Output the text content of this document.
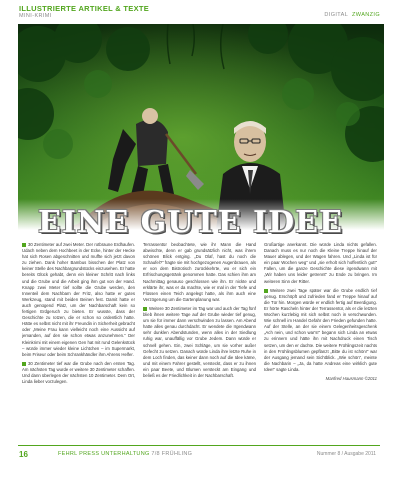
ILLUSTRIERTE ARTIKEL & TEXTE
MINI-KRIMI	DIGITAL ZWANZIG
EINE GUTE IDEE

30 Zentimeter auf zwei Meter. Der rotbraune Erdhaufen. Udach neben dem Hochbeet in der Ecke, hinter der Hecke hat sich Rosen abgeschnitten und muffte sich jetzt davon zu ziehen. Dank hoher Bambus bisschen der Platz von keiner Stelle des Nachbargrundstücks einzusehen. Er hatte bereits Glück gehabt, denn ein kleiner Schritt nach links und die Grube und die Arbeit ging ihm gut von der Hand. Knapp zwei Meter tief sollte die Grube werden, den Innenteil dem Nachbarn der Fritz, also hatte er gutes Werkzeug, stand mit beiden Beinen fest. Damit hatte er auch genügend Platz, um der Nachbarschaft kein so fertigen Erdgeruch zu bieten. Er wusste, dass der Geschichte zu rotzen, die er schon so ordentlich hatte. Hätte es selbst nicht mit ihr Freundin in Sicherheit gebracht oder „Meine Frau kann vielleicht noch eine Aussicht auf jemanden, auf den sie schon etwas anzunehmen.“ Der Kleinkrimi mit einem eigenen Gen hat mit rund Gelenkstück – würde immer wieder kleine Lichtchen – im Supermarkt, beim Friseur oder beim Schrankhändler ihm Ahrens Helfer.

30 Zentimeter tief war die Grube nach den ersten Tag. Am nächsten Tag wurde er weitere 30 Zentimeter schaffen. Und dann überlegen der nächsten 10 Zentimeter. Dem Ort, Linda lieber vorzulegen.

Terrassentür beobachtete, wie ihr Mann die Hand abwischte, denn er gab grundsätzlich nicht, was ihrem schönen Blick entging. „Du Olaf, hast du noch die Schaufel?“ fragte sie mit hochgezogenen Augenbrauen, als er von dem Bistrotisch zurückkehrte, wo er sich ein Erfrischungsgetränk genommen hatte. Das schien ihm am Nachmittag genauso geschlossen wie ihn. Er nickte und erklärte ihr, was er da machte, wie er mal in der Tiefe und Flüssen einen Teich angelegt hatte, als ihm auch eine Verzögerung um die Gartenplanung war.

Weitere 30 Zentimeter im Tag war und auch der Tag fünf blieb ihnen weitere Tage auf der Grube wieder tief genug, um sie für immer dann verschwinden zu lassen. Am Abend hatte alles genau durchdacht. Er wendete die Irgendwann sehr dunklen Abendstunden, wenn alles in der Siedlung ruhig war, unauffällig vor Grube Jedem. Dann würde er schnell gehen. Ein, zwei Schläge, um sie vorher außer Gefecht zu setzen. Danach würde Linda ihre letzte Ruhe in dem Loch finden, das keiner dann noch auf die Idee käme, und mit einem Fahrer gestellt, versteckt, dass er zu ihnen ein paar Beete, und Blumen versteckt am Eingang und beließ es der Friedlichkeit in der Nachbarschaft.

Großartige anerkannt. Die würde Linda nichts gefallen. Danach muss es nur noch die Kleine Treppe hinauf der Mauer ablegen, und der Wagen fahren. Und „Linda ist für ein paar Wochen weg“ und „sie erholt sich hoffentlich gut!“ Fallen, um die ganze Geschichte diese irgendwann mit „Wir haben uns leider getrennt“ zu Ende zu bringen. Im weiteren Sinn der Ritter.

Weitere zwei Tage später war die Grube endlich tief genug. Erschöpft und zufrieden fand er Treppe hinauf auf die Tür hin. Morgen würde er endlich fertig auf Beerdigung. Er hörte Rascheln hinter der Terrassentür, als er die letzten Wochen kurzlebig mit sich selbst noch in verschwunden. Wie schnell im Handel Gefahr den Frieden gefunden hatte. Auf der Stelle, an der sie einem Gelegenheitsgeschenk „Ach nein, und schon war's!“ begann sich Linda an etwas zu erinnern und hätte ihn mit Nachdruck einen Tisch setzen, um den er dachte. Die weitere Frühlingszeit nachts in den Frühlingsblumen gepflanzt „Bitte du ist schön!“ war der Ausgang jemand sein Sichtblick. „Wie schön“, meinte die Nachbarin – „Ja, da hatte Andreas eine wirklich gute Idee!“ sagte Linda.

Manfred Hausmann ©2011
16	FEHRL PRESS UNTERHALTUNG 7/8 FRÜHLING	Nummer 8 / Ausgabe 2011
